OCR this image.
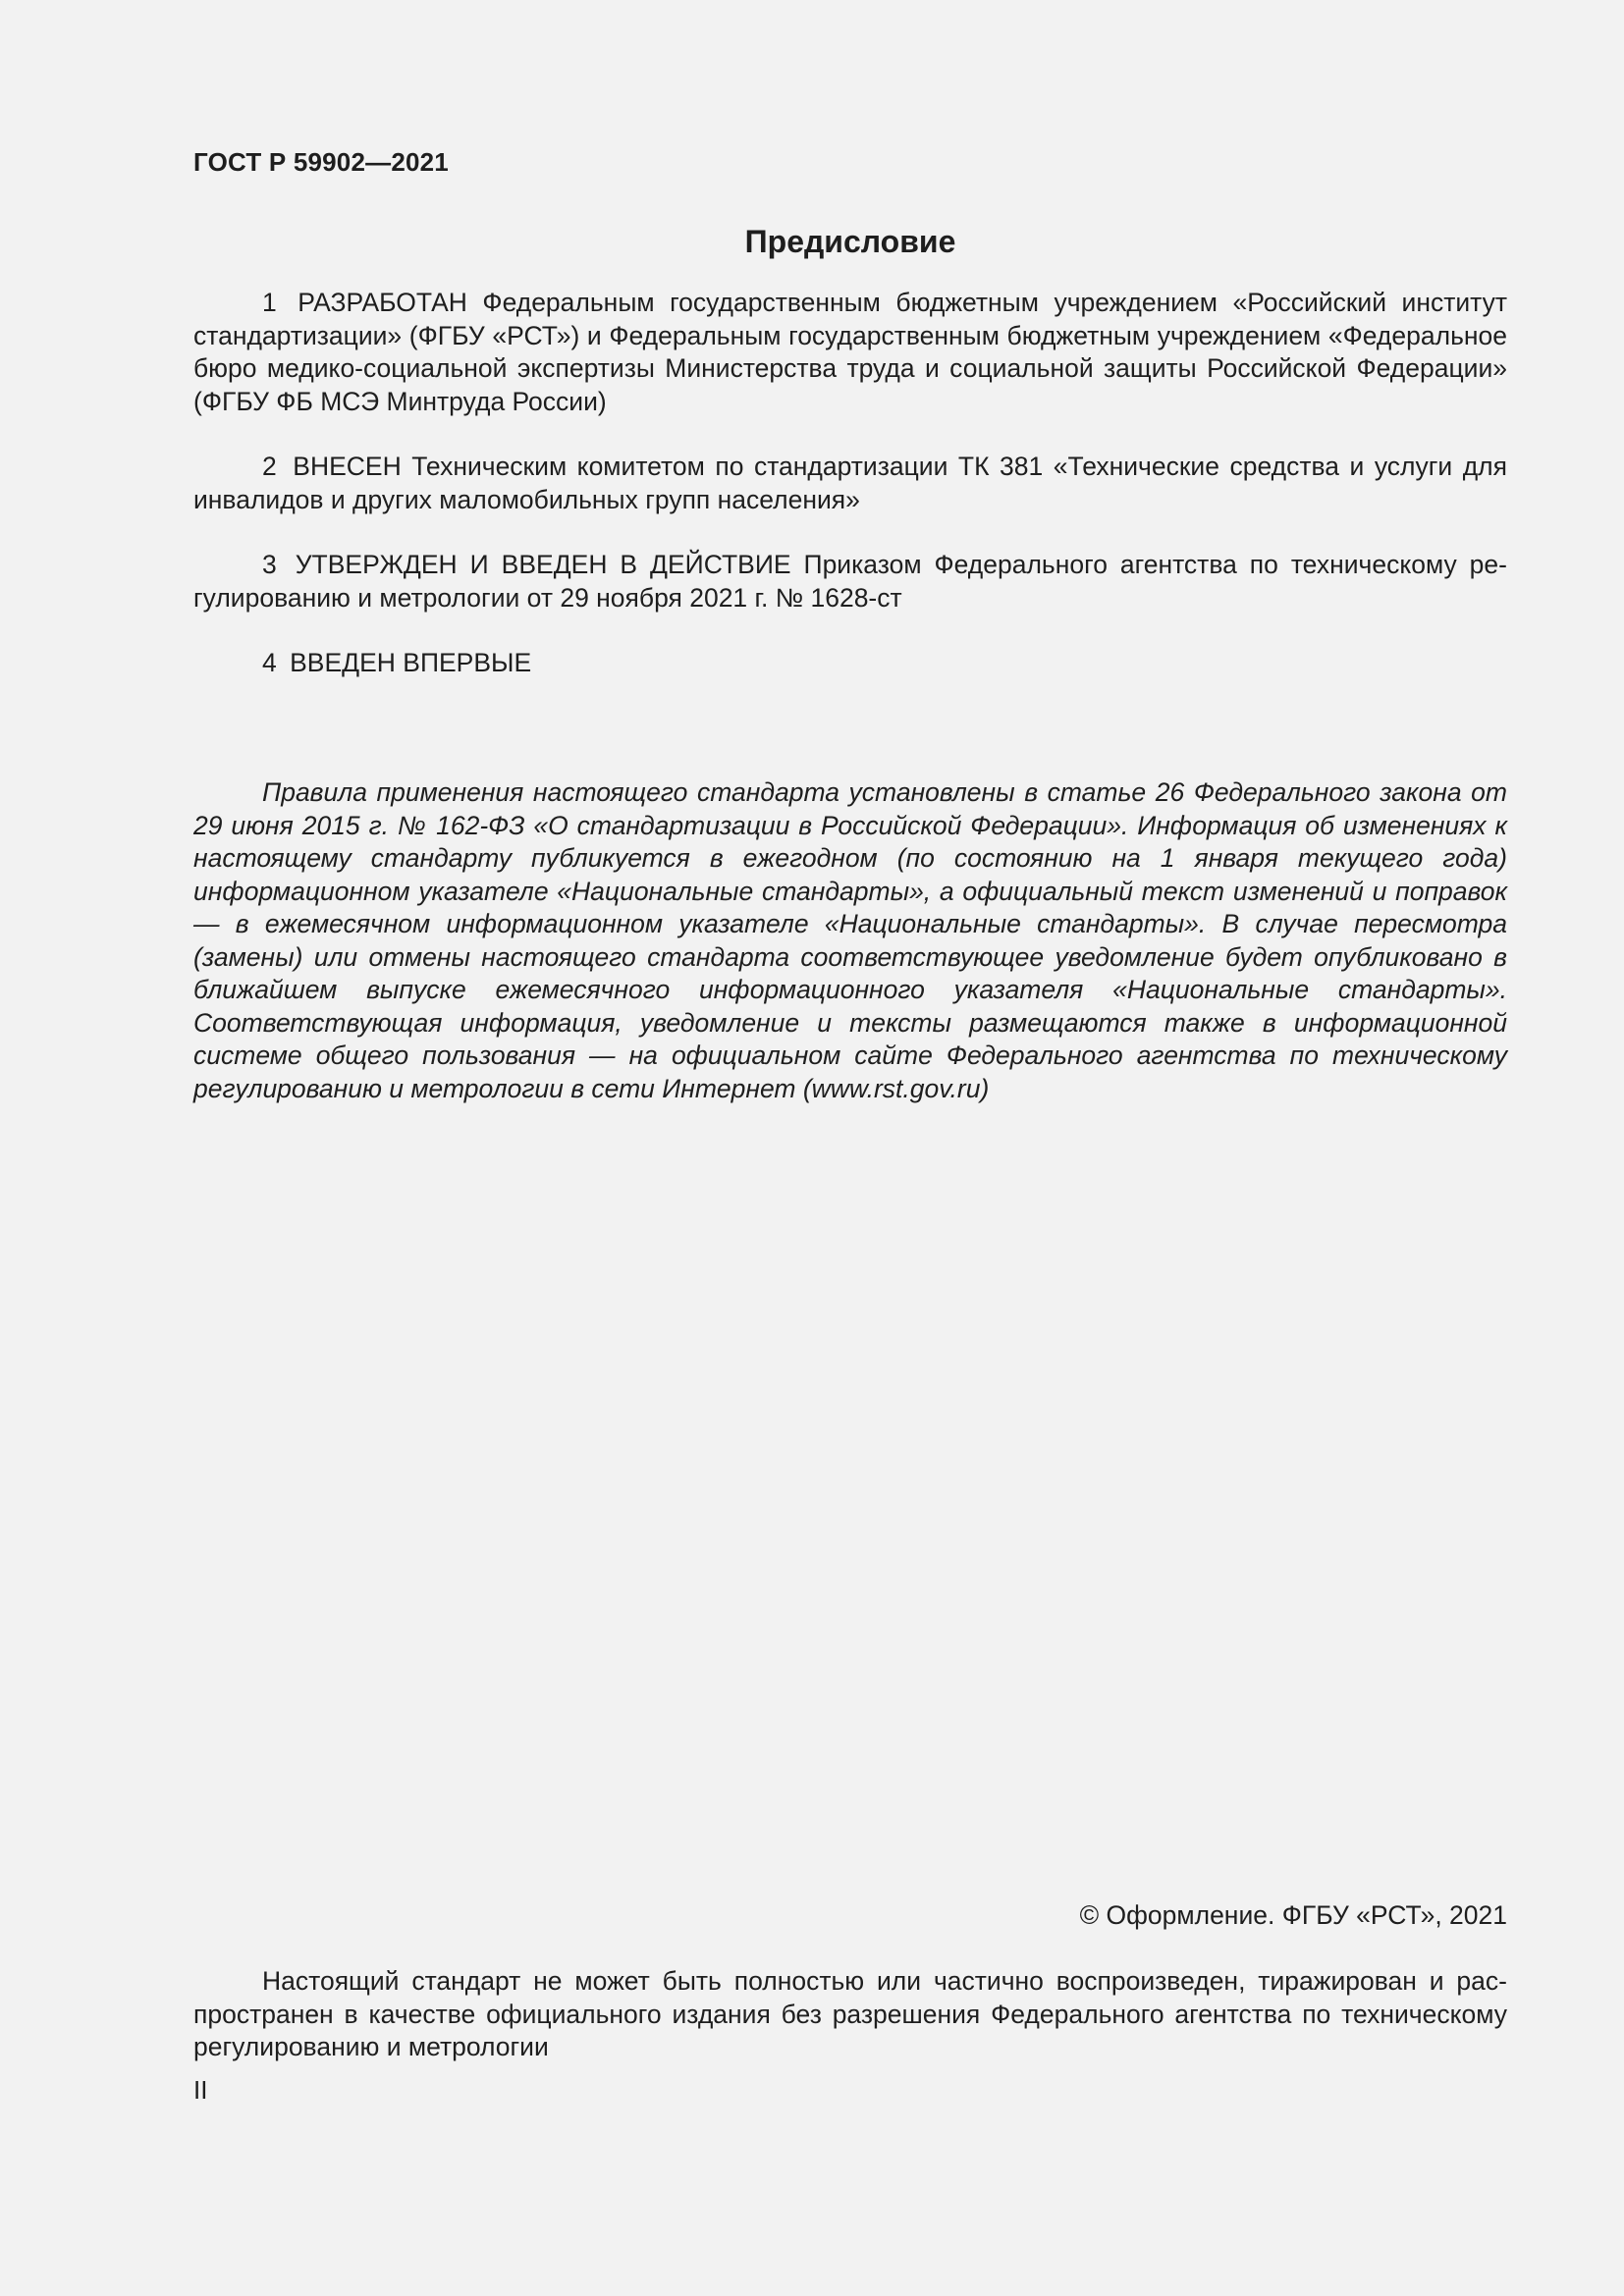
ГОСТ Р 59902—2021
Предисловие

1 РАЗРАБОТАН Федеральным государственным бюджетным учреждением «Российский институт стандартизации» (ФГБУ «РСТ») и Федеральным государственным бюджетным учреждением «Федеральное бюро медико-социальной экспертизы Министерства труда и социальной защиты Российской Федерации» (ФГБУ ФБ МСЭ Минтруда России)

2 ВНЕСЕН Техническим комитетом по стандартизации ТК 381 «Технические средства и услуги для инвалидов и других маломобильных групп населения»

3 УТВЕРЖДЕН И ВВЕДЕН В ДЕЙСТВИЕ Приказом Федерального агентства по техническому регулированию и метрологии от 29 ноября 2021 г. № 1628-ст

4 ВВЕДЕН ВПЕРВЫЕ

Правила применения настоящего стандарта установлены в статье 26 Федерального закона от 29 июня 2015 г. № 162-ФЗ «О стандартизации в Российской Федерации». Информация об изменениях к настоящему стандарту публикуется в ежегодном (по состоянию на 1 января текущего года) информационном указателе «Национальные стандарты», а официальный текст изменений и поправок — в ежемесячном информационном указателе «Национальные стандарты». В случае пересмотра (замены) или отмены настоящего стандарта соответствующее уведомление будет опубликовано в ближайшем выпуске ежемесячного информационного указателя «Национальные стандарты». Соответствующая информация, уведомление и тексты размещаются также в информационной системе общего пользования — на официальном сайте Федерального агентства по техническому регулированию и метрологии в сети Интернет (www.rst.gov.ru)

© Оформление. ФГБУ «РСТ», 2021

Настоящий стандарт не может быть полностью или частично воспроизведен, тиражирован и распространен в качестве официального издания без разрешения Федерального агентства по техническому регулированию и метрологии

II
